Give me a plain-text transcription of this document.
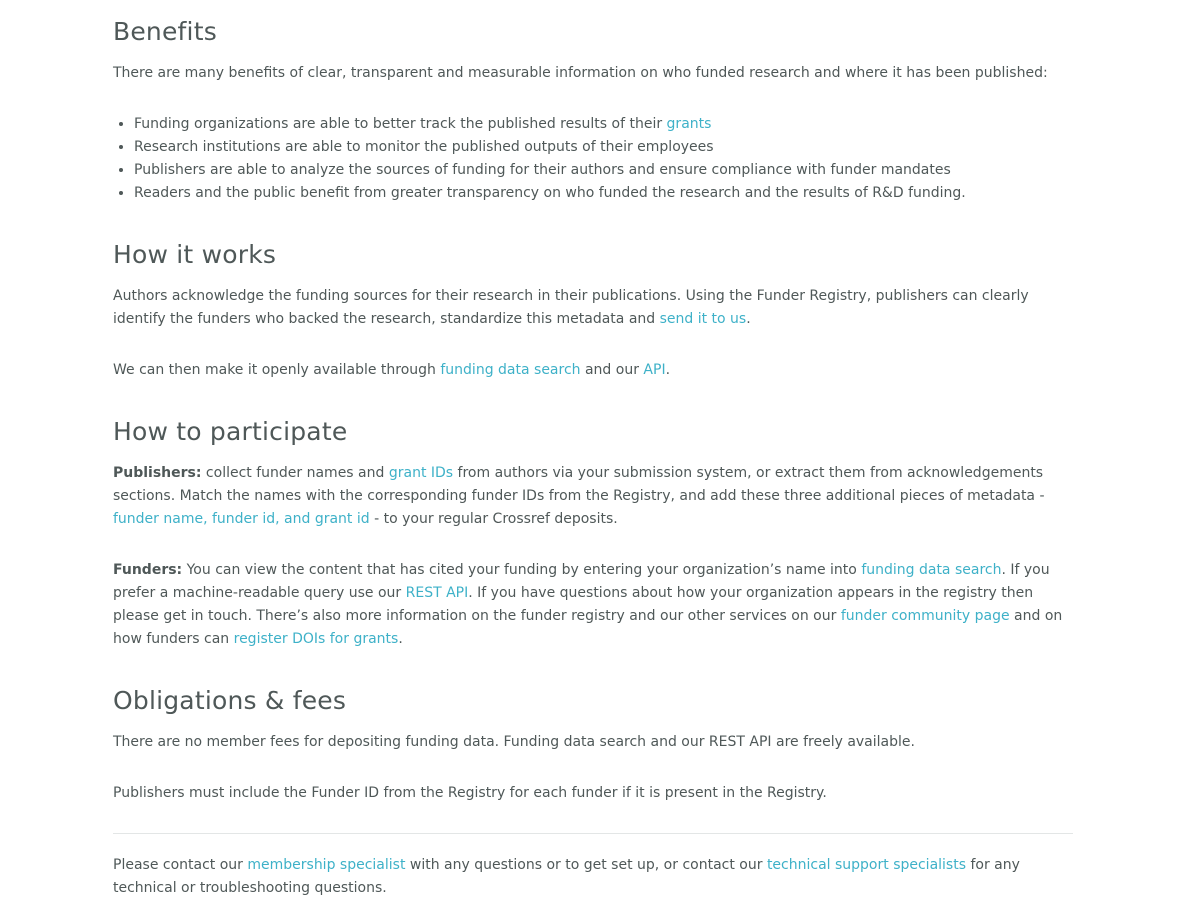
Benefits

There are many benefits of clear, transparent and measurable information on who funded research and where it has been published:

• Funding organizations are able to better track the published results of their grants
• Research institutions are able to monitor the published outputs of their employees
• Publishers are able to analyze the sources of funding for their authors and ensure compliance with funder mandates
• Readers and the public benefit from greater transparency on who funded the research and the results of R&D funding.
How it works

Authors acknowledge the funding sources for their research in their publications. Using the Funder Registry, publishers can clearly identify the funders who backed the research, standardize this metadata and send it to us.

We can then make it openly available through funding data search and our API.

How to participate

Publishers: collect funder names and grant IDs from authors via your submission system, or extract them from acknowledgements sections. Match the names with the corresponding funder IDs from the Registry, and add these three additional pieces of metadata - funder name, funder id, and grant id - to your regular Crossref deposits.

Funders: You can view the content that has cited your funding by entering your organization’s name into funding data search. If you prefer a machine-readable query use our REST API. If you have questions about how your organization appears in the registry then please get in touch. There’s also more information on the funder registry and our other services on our funder community page and on how funders can register DOIs for grants.

Obligations & fees

There are no member fees for depositing funding data. Funding data search and our REST API are freely available.

Publishers must include the Funder ID from the Registry for each funder if it is present in the Registry.

Please contact our membership specialist with any questions or to get set up, or contact our technical support specialists for any technical or troubleshooting questions.
